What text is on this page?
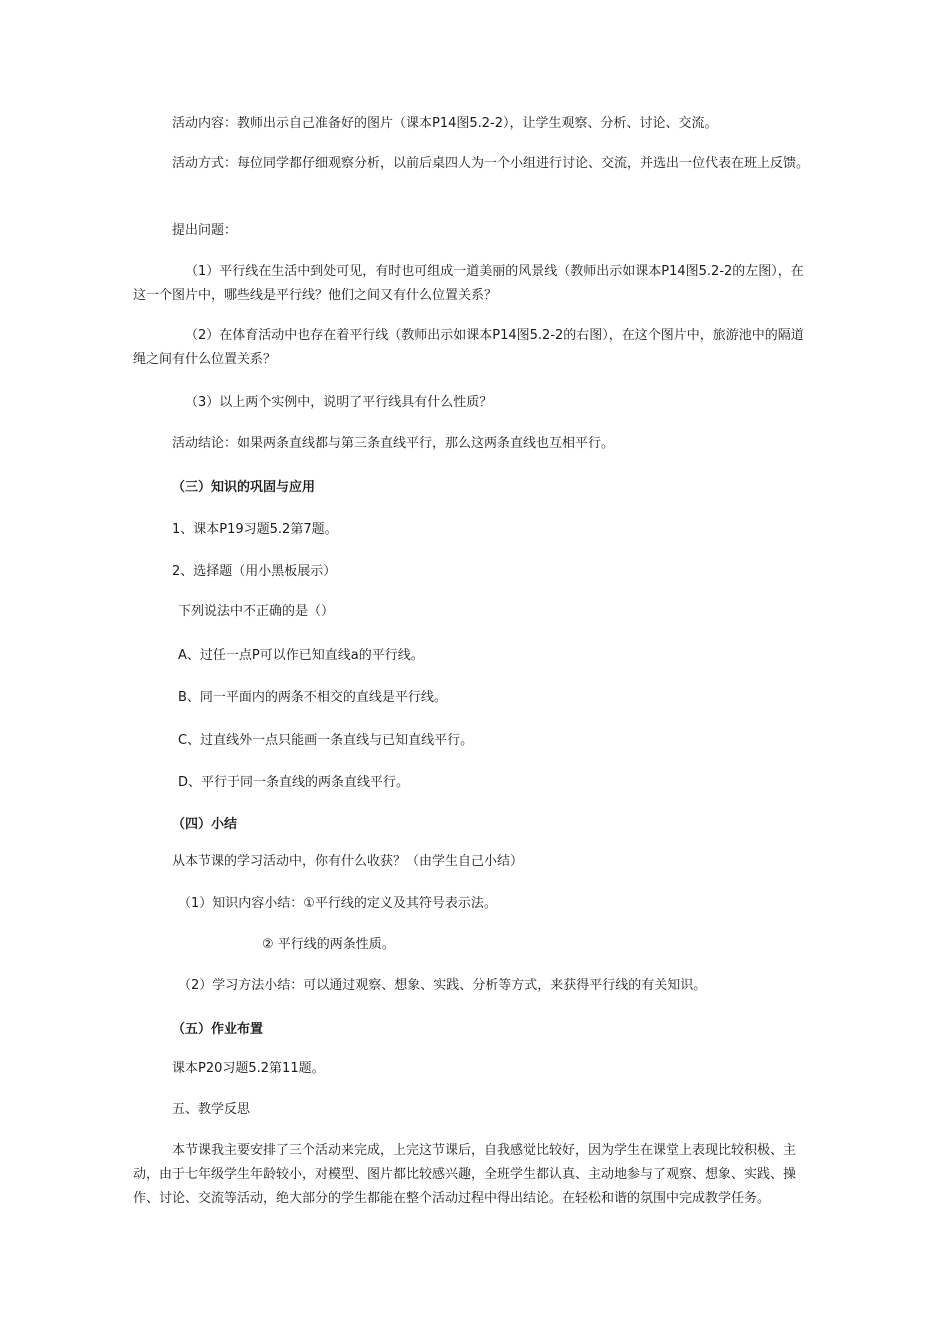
活动内容：教师出示自己准备好的图片（课本P14图5.2-2），让学生观察、分析、讨论、交流。
活动方式：每位同学都仔细观察分析，以前后桌四人为一个小组进行讨论、交流，并选出一位代表在班上反馈。
提出问题：
（1）平行线在生活中到处可见，有时也可组成一道美丽的风景线（教师出示如课本P14图5.2-2的左图），在这一个图片中，哪些线是平行线？他们之间又有什么位置关系？
（2）在体育活动中也存在着平行线（教师出示如课本P14图5.2-2的右图），在这个图片中，旅游池中的隔道绳之间有什么位置关系？
（3）以上两个实例中，说明了平行线具有什么性质？
活动结论：如果两条直线都与第三条直线平行，那么这两条直线也互相平行。
（三）知识的巩固与应用
1、课本P19习题5.2第7题。
2、选择题（用小黑板展示）
下列说法中不正确的是（）
A、过任一点P可以作已知直线a的平行线。
B、同一平面内的两条不相交的直线是平行线。
C、过直线外一点只能画一条直线与已知直线平行。
D、平行于同一条直线的两条直线平行。
（四）小结
从本节课的学习活动中，你有什么收获？（由学生自己小结）
（1）知识内容小结：①平行线的定义及其符号表示法。
② 平行线的两条性质。
（2）学习方法小结：可以通过观察、想象、实践、分析等方式，来获得平行线的有关知识。
（五）作业布置
课本P20习题5.2第11题。
五、教学反思
本节课我主要安排了三个活动来完成，上完这节课后，自我感觉比较好，因为学生在课堂上表现比较积极、主动，由于七年级学生年龄较小，对模型、图片都比较感兴趣，全班学生都认真、主动地参与了观察、想象、实践、操作、讨论、交流等活动，绝大部分的学生都能在整个活动过程中得出结论。在轻松和谐的氛围中完成教学任务。
